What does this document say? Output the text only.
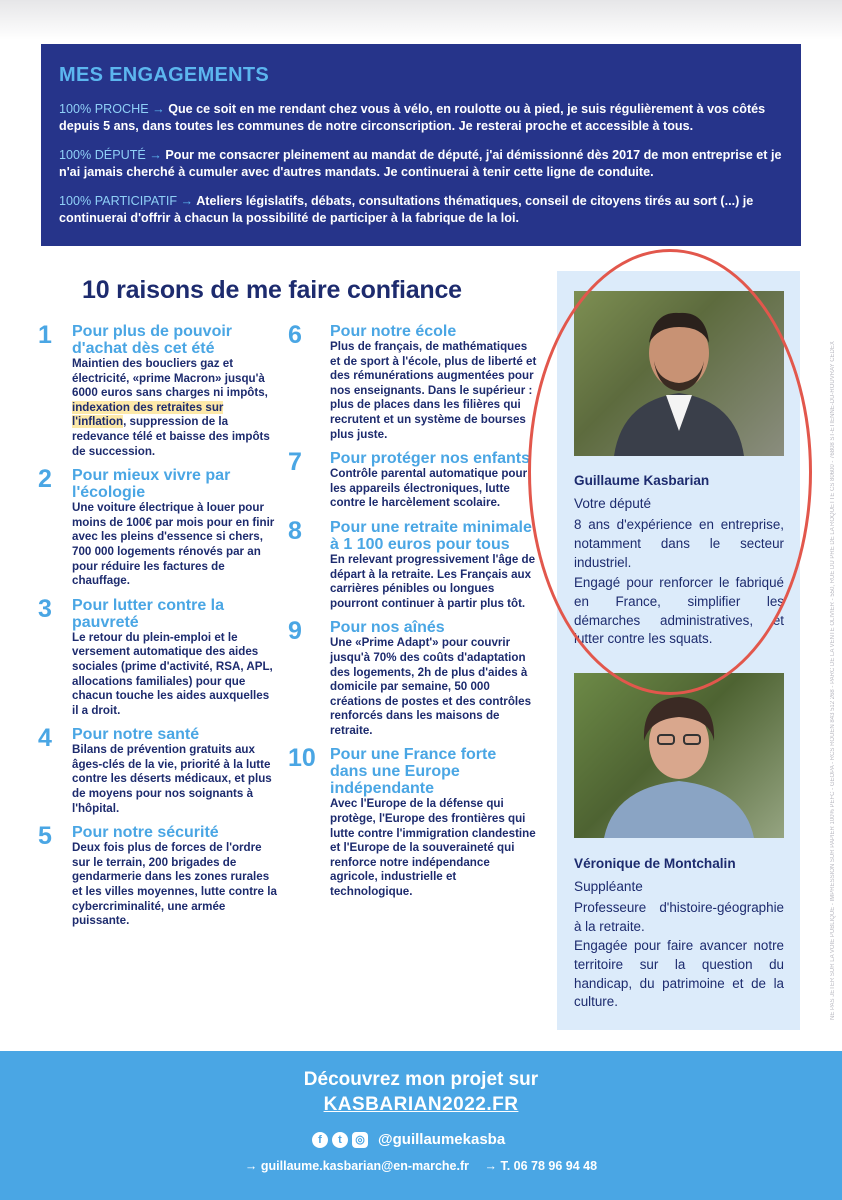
MES ENGAGEMENTS

100% PROCHE → Que ce soit en me rendant chez vous à vélo, en roulotte ou à pied, je suis régulièrement à vos côtés depuis 5 ans, dans toutes les communes de notre circonscription. Je resterai proche et accessible à tous.

100% DÉPUTÉ → Pour me consacrer pleinement au mandat de député, j'ai démissionné dès 2017 de mon entreprise et je n'ai jamais cherché à cumuler avec d'autres mandats. Je continuerai à tenir cette ligne de conduite.

100% PARTICIPATIF → Ateliers législatifs, débats, consultations thématiques, conseil de citoyens tirés au sort (...) je continuerai d'offrir à chacun la possibilité de participer à la fabrique de la loi.

10 raisons de me faire confiance
1 Pour plus de pouvoir d'achat dès cet été

Maintien des boucliers gaz et électricité, «prime Macron» jusqu'à 6000 euros sans charges ni impôts, indexation des retraites sur l'inflation, suppression de la redevance télé et baisse des impôts de succession.

2 Pour mieux vivre par l'écologie

Une voiture électrique à louer pour moins de 100€ par mois pour en finir avec les pleins d'essence si chers, 700 000 logements rénovés par an pour réduire les factures de chauffage.

3 Pour lutter contre la pauvreté

Le retour du plein-emploi et le versement automatique des aides sociales (prime d'activité, RSA, APL, allocations familiales) pour que chacun touche les aides auxquelles il a droit.

4 Pour notre santé

Bilans de prévention gratuits aux âges-clés de la vie, priorité à la lutte contre les déserts médicaux, et plus de moyens pour nos soignants à l'hôpital.

5 Pour notre sécurité

Deux fois plus de forces de l'ordre sur le terrain, 200 brigades de gendarmerie dans les zones rurales et les villes moyennes, lutte contre la cybercriminalité, une armée puissante.

6 Pour notre école

Plus de français, de mathématiques et de sport à l'école, plus de liberté et des rémunérations augmentées pour nos enseignants. Dans le supérieur : plus de places dans les filières qui recrutent et un système de bourses plus juste.

7 Pour protéger nos enfants

Contrôle parental automatique pour les appareils électroniques, lutte contre le harcèlement scolaire.

8 Pour une retraite minimale à 1 100 euros pour tous

En relevant progressivement l'âge de départ à la retraite. Les Français aux carrières pénibles ou longues pourront continuer à partir plus tôt.

9 Pour nos aînés

Une «Prime Adapt'» pour couvrir jusqu'à 70% des coûts d'adaptation des logements, 2h de plus d'aides à domicile par semaine, 50 000 créations de postes et des contrôles renforcés dans les maisons de retraite.

10 Pour une France forte dans une Europe indépendante

Avec l'Europe de la défense qui protège, l'Europe des frontières qui lutte contre l'immigration clandestine et l'Europe de la souveraineté qui renforce notre indépendance agricole, industrielle et technologique.

Guillaume Kasbarian
Votre député
8 ans d'expérience en entreprise, notamment dans le secteur industriel.
Engagé pour renforcer le fabriqué en France, simplifier les démarches administratives, et lutter contre les squats.
Véronique de Montchalin
Suppléante
Professeure d'histoire-géographie à la retraite.
Engagée pour faire avancer notre territoire sur la question du handicap, du patrimoine et de la culture.	NE PAS JETER SUR LA VOIE PUBLIQUE - IMPRESSION SUR PAPIER 100% PEFC - GEOPA - RCS ROUEN 843 512 268 - PARC DE LA VENTE OLIVIER - 550, RUE DU PRÉ DE LA ROQUETTE CS 80600 - 76808 ST-ÉTIENNE-DU-ROUVRAY CEDEX
Découvrez mon projet sur
KASBARIAN2022.FR
f	t	◎ @guillaumekasba
→ guillaume.kasbarian@en-marche.fr → T. 06 78 96 94 48
